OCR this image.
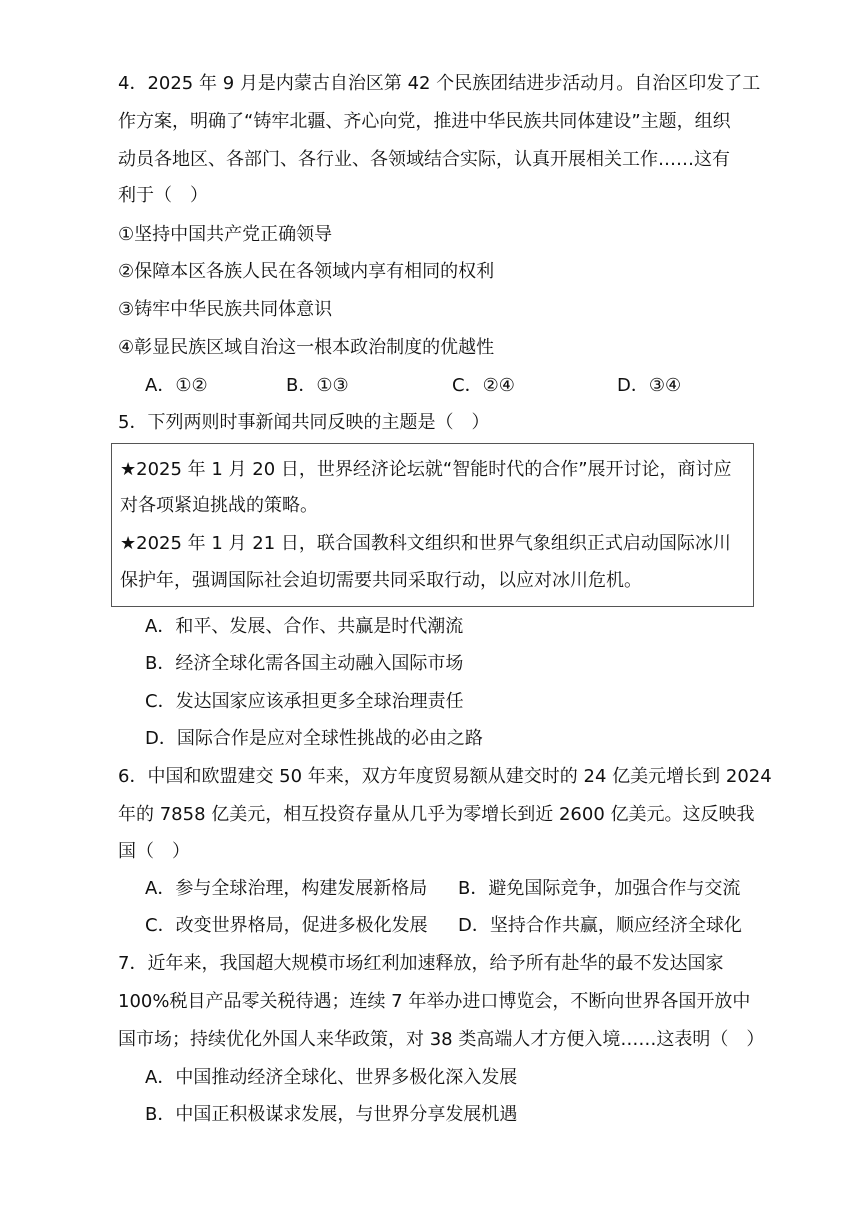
4．2025 年 9 月是内蒙古自治区第 42 个民族团结进步活动月。自治区印发了工
作方案，明确了“铸牢北疆、齐心向党，推进中华民族共同体建设”主题，组织
动员各地区、各部门、各行业、各领域结合实际，认真开展相关工作……这有
利于（　）
①坚持中国共产党正确领导
②保障本区各族人民在各领域内享有相同的权利
③铸牢中华民族共同体意识
④彰显民族区域自治这一根本政治制度的优越性
A．①②	B．①③	C．②④	D．③④
5．下列两则时事新闻共同反映的主题是（　）
★2025 年 1 月 20 日，世界经济论坛就“智能时代的合作”展开讨论，商讨应
对各项紧迫挑战的策略。
★2025 年 1 月 21 日，联合国教科文组织和世界气象组织正式启动国际冰川
保护年，强调国际社会迫切需要共同采取行动，以应对冰川危机。
A．和平、发展、合作、共赢是时代潮流
B．经济全球化需各国主动融入国际市场
C．发达国家应该承担更多全球治理责任
D．国际合作是应对全球性挑战的必由之路
6．中国和欧盟建交 50 年来，双方年度贸易额从建交时的 24 亿美元增长到 2024
年的 7858 亿美元，相互投资存量从几乎为零增长到近 2600 亿美元。这反映我
国（　）
A．参与全球治理，构建发展新格局 B．避免国际竞争，加强合作与交流
C．改变世界格局，促进多极化发展 D．坚持合作共赢，顺应经济全球化
7．近年来，我国超大规模市场红利加速释放，给予所有赴华的最不发达国家
100%税目产品零关税待遇；连续 7 年举办进口博览会，不断向世界各国开放中
国市场；持续优化外国人来华政策，对 38 类高端人才方便入境……这表明（　）
A．中国推动经济全球化、世界多极化深入发展
B．中国正积极谋求发展，与世界分享发展机遇
